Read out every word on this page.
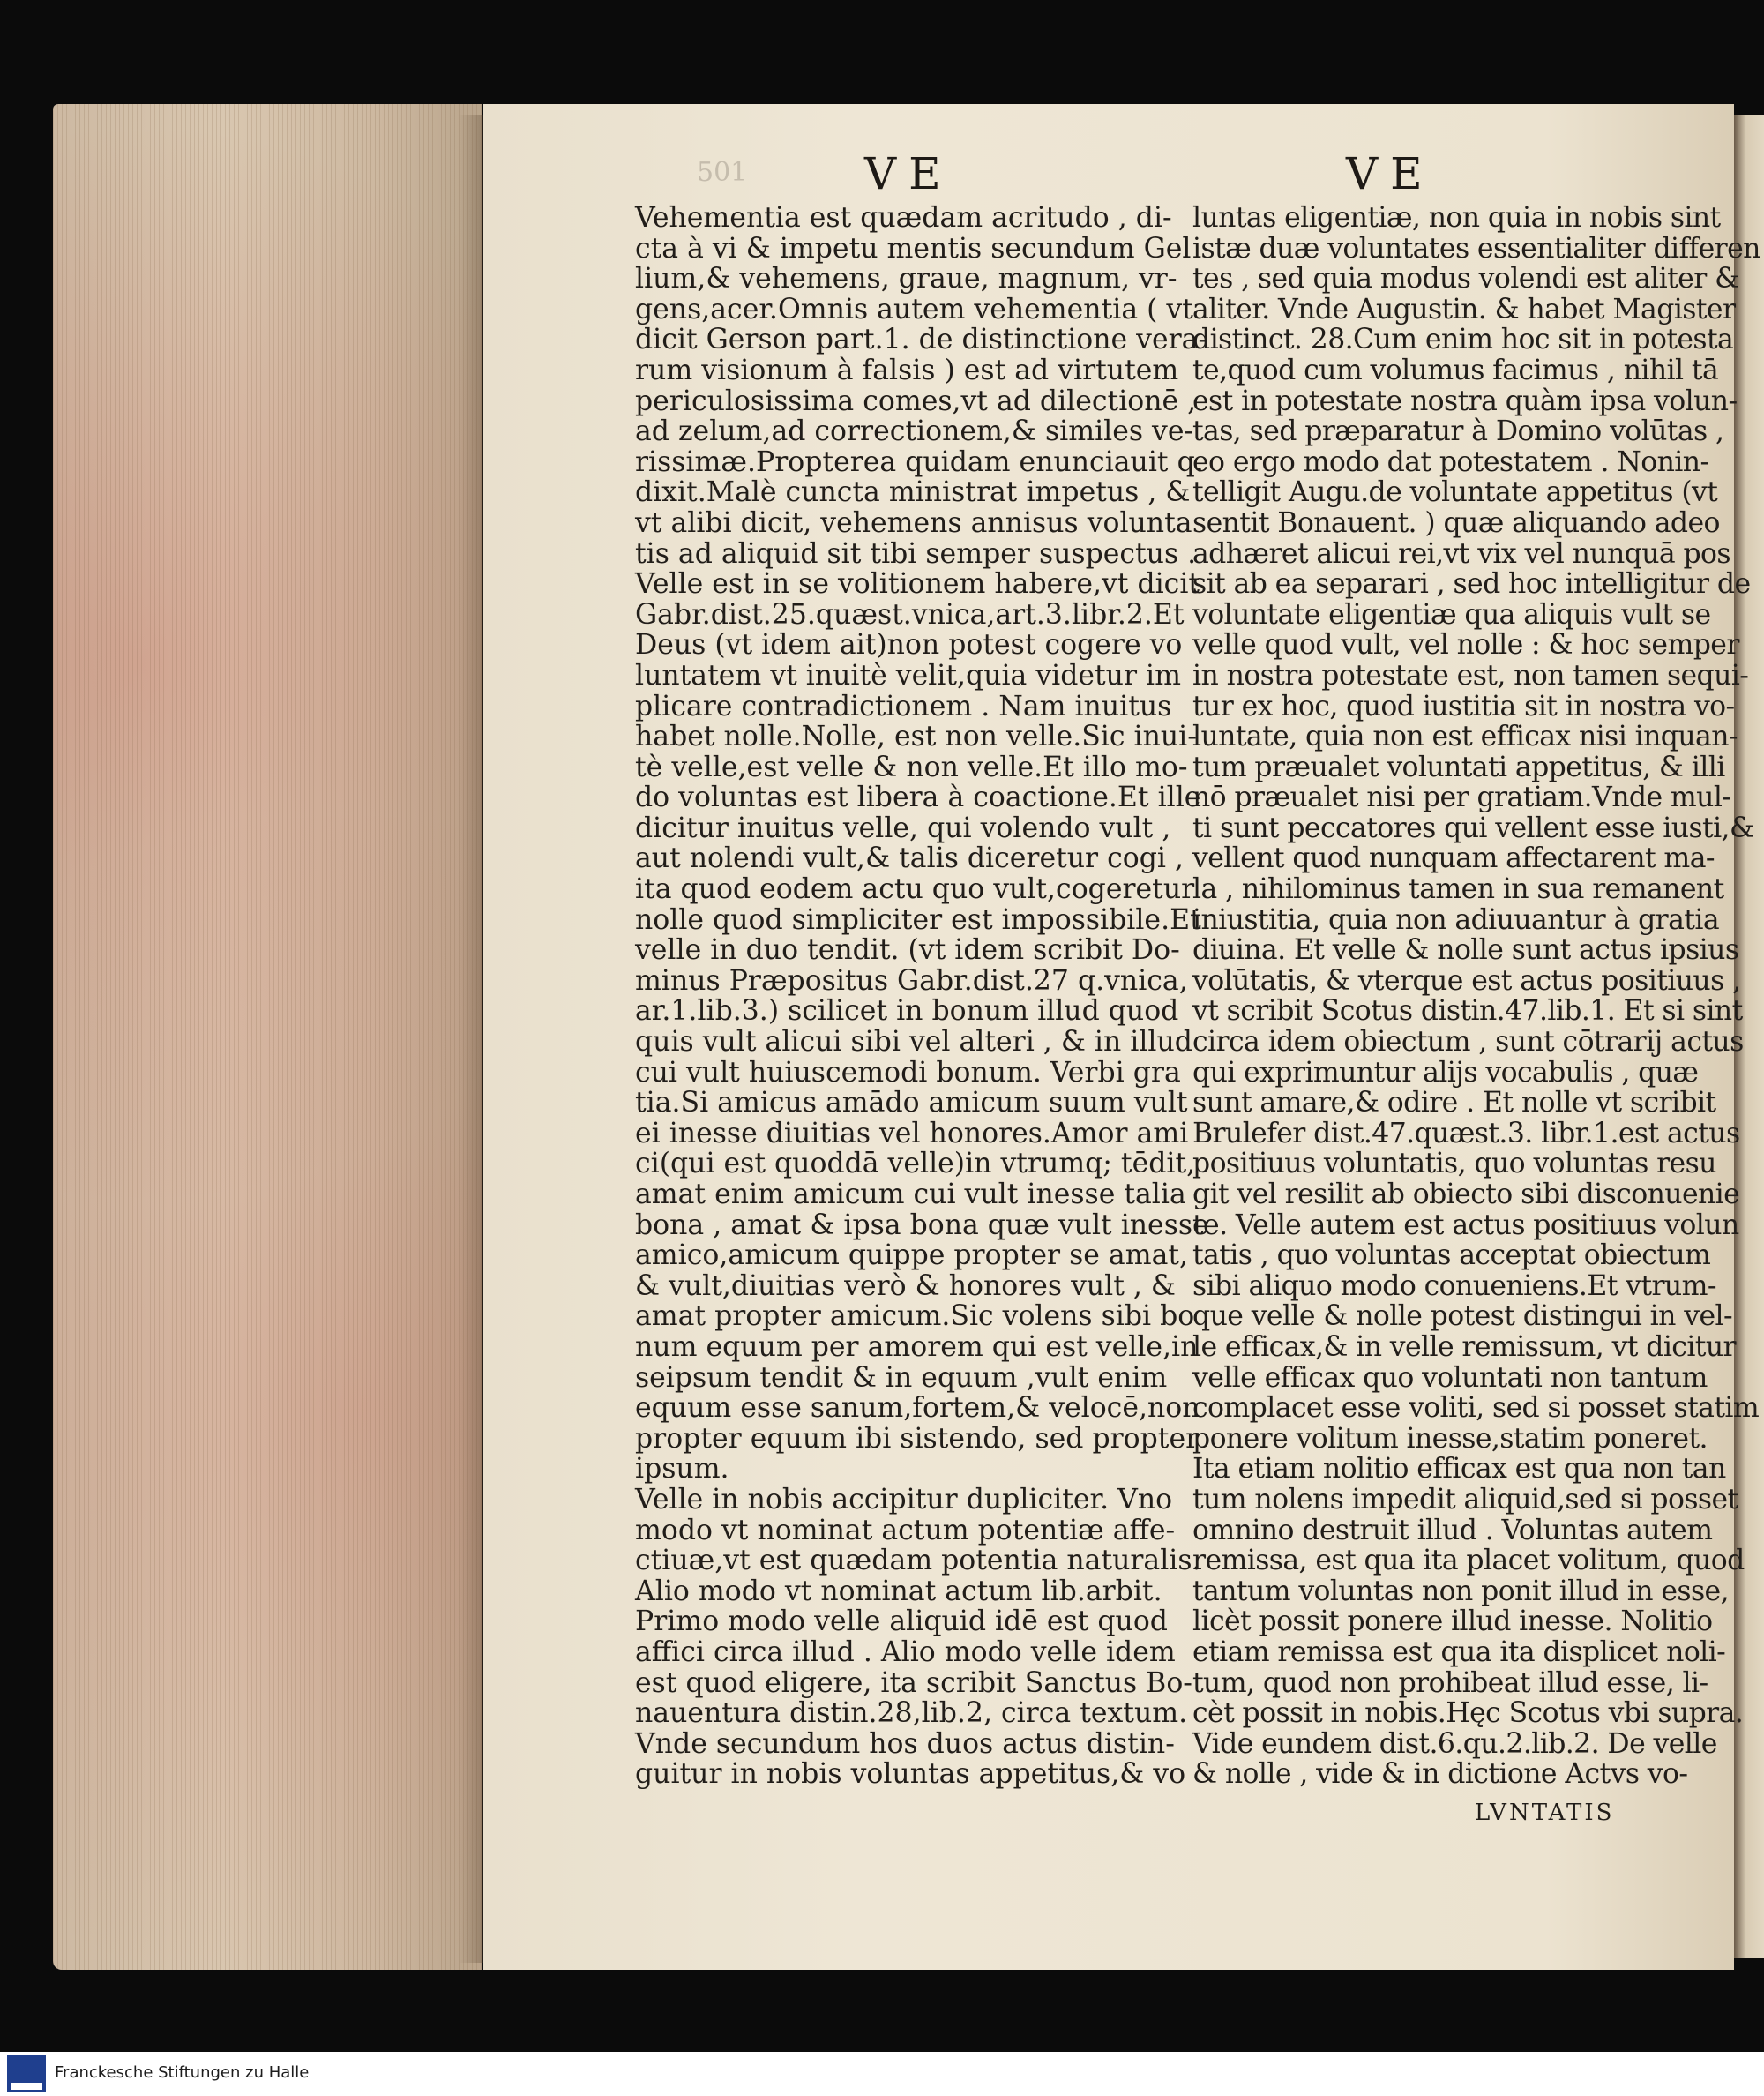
501	VE	VE
Vehementia est quædam acritudo , di-
cta à vi & impetu mentis secundum Gel
lium,& vehemens, graue, magnum, vr-
gens,acer.Omnis autem vehementia ( vt
dicit Gerson part.1. de distinctione vera-
rum visionum à falsis ) est ad virtutem
periculosissima comes,vt ad dilectionē ,
ad zelum,ad correctionem,& similes ve-
rissimæ.Propterea quidam enunciauit q.
dixit.Malè cuncta ministrat impetus , &
vt alibi dicit, vehemens annisus volunta
tis ad aliquid sit tibi semper suspectus .
Velle est in se volitionem habere,vt dicit
Gabr.dist.25.quæst.vnica,art.3.libr.2.Et
Deus (vt idem ait)non potest cogere vo
luntatem vt inuitè velit,quia videtur im
plicare contradictionem . Nam inuitus
habet nolle.Nolle, est non velle.Sic inui-
tè velle,est velle & non velle.Et illo mo-
do voluntas est libera à coactione.Et ille
dicitur inuitus velle, qui volendo vult ,
aut nolendi vult,& talis diceretur cogi ,
ita quod eodem actu quo vult,cogeretur
nolle quod simpliciter est impossibile.Et
velle in duo tendit. (vt idem scribit Do-
minus Præpositus Gabr.dist.27 q.vnica,
ar.1.lib.3.) scilicet in bonum illud quod
quis vult alicui sibi vel alteri , & in illud
cui vult huiuscemodi bonum. Verbi gra
tia.Si amicus amādo amicum suum vult
ei inesse diuitias vel honores.Amor ami
ci(qui est quoddā velle)in vtrumq; tēdit,
amat enim amicum cui vult inesse talia
bona , amat & ipsa bona quæ vult inesse
amico,amicum quippe propter se amat,
& vult,diuitias verò & honores vult , &
amat propter amicum.Sic volens sibi bo
num equum per amorem qui est velle,in
seipsum tendit & in equum ,vult enim
equum esse sanum,fortem,& velocē,non
propter equum ibi sistendo, sed propter
ipsum.
Velle in nobis accipitur dupliciter. Vno
modo vt nominat actum potentiæ affe-
ctiuæ,vt est quædam potentia naturalis.
Alio modo vt nominat actum lib.arbit.
Primo modo velle aliquid idē est quod
affici circa illud . Alio modo velle idem
est quod eligere, ita scribit Sanctus Bo-
nauentura distin.28,lib.2, circa textum.
Vnde secundum hos duos actus distin-
guitur in nobis voluntas appetitus,& vo
luntas eligentiæ, non quia in nobis sint
istæ duæ voluntates essentialiter differen
tes , sed quia modus volendi est aliter &
aliter. Vnde Augustin. & habet Magister
distinct. 28.Cum enim hoc sit in potesta
te,quod cum volumus facimus , nihil tā
est in potestate nostra quàm ipsa volun-
tas, sed præparatur à Domino volūtas ,
eo ergo modo dat potestatem . Nonin-
telligit Augu.de voluntate appetitus (vt
sentit Bonauent. ) quæ aliquando adeo
adhæret alicui rei,vt vix vel nunquā pos
sit ab ea separari , sed hoc intelligitur de
voluntate eligentiæ qua aliquis vult se
velle quod vult, vel nolle : & hoc semper
in nostra potestate est, non tamen sequi-
tur ex hoc, quod iustitia sit in nostra vo-
luntate, quia non est efficax nisi inquan-
tum præualet voluntati appetitus, & illi
nō præualet nisi per gratiam.Vnde mul-
ti sunt peccatores qui vellent esse iusti,&
vellent quod nunquam affectarent ma-
la , nihilominus tamen in sua remanent
iniustitia, quia non adiuuantur à gratia
diuina. Et velle & nolle sunt actus ipsius
volūtatis, & vterque est actus positiuus ,
vt scribit Scotus distin.47.lib.1. Et si sint
circa idem obiectum , sunt cōtrarij actus
qui exprimuntur alijs vocabulis , quæ
sunt amare,& odire . Et nolle vt scribit
Brulefer dist.47.quæst.3. libr.1.est actus
positiuus voluntatis, quo voluntas resu
git vel resilit ab obiecto sibi disconuenie
te. Velle autem est actus positiuus volun
tatis , quo voluntas acceptat obiectum
sibi aliquo modo conueniens.Et vtrum-
que velle & nolle potest distingui in vel-
le efficax,& in velle remissum, vt dicitur
velle efficax quo voluntati non tantum
complacet esse voliti, sed si posset statim
ponere volitum inesse,statim poneret.
Ita etiam nolitio efficax est qua non tan
tum nolens impedit aliquid,sed si posset
omnino destruit illud . Voluntas autem
remissa, est qua ita placet volitum, quod
tantum voluntas non ponit illud in esse,
licèt possit ponere illud inesse. Nolitio
etiam remissa est qua ita displicet noli-
tum, quod non prohibeat illud esse, li-
cèt possit in nobis.Hęc Scotus vbi supra.
Vide eundem dist.6.qu.2.lib.2. De velle
& nolle , vide & in dictione Actvs vo-
LVNTATIS
Franckesche Stiftungen zu Halle
